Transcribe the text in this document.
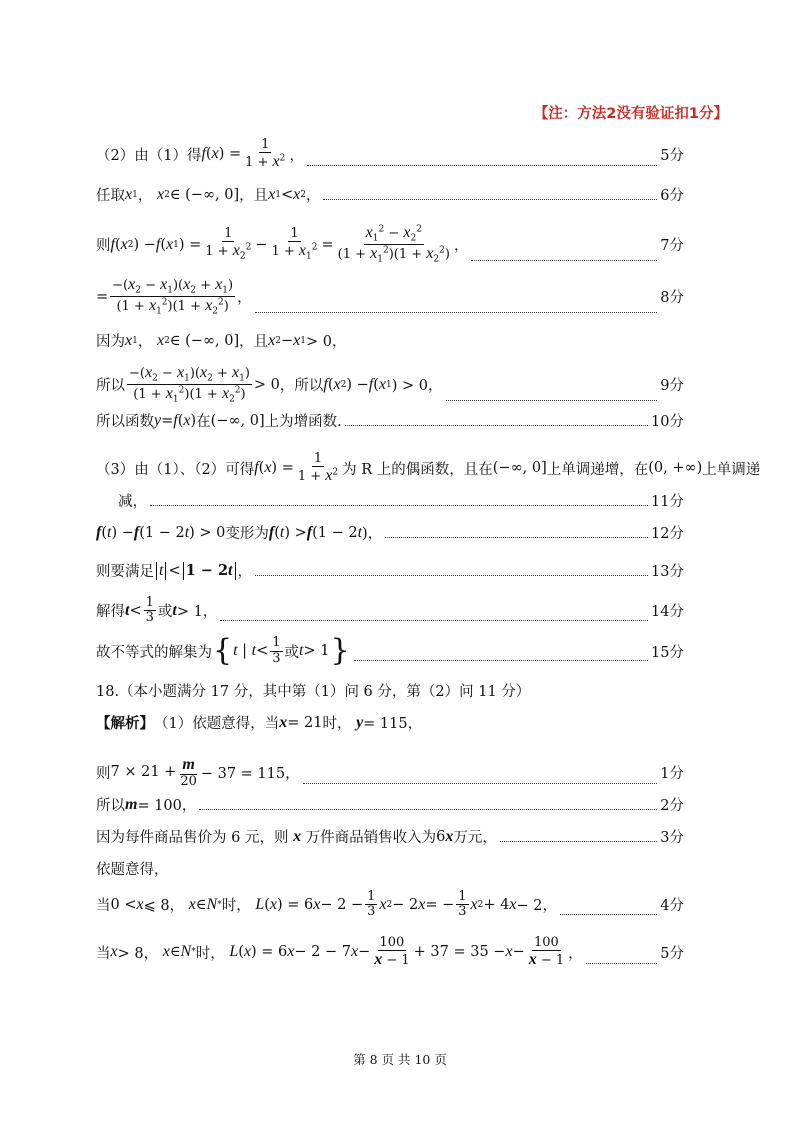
【注：方法2没有验证扣1分】
（2）由（1）得 f ( x ) = $\frac{1}{1 + x^2}$ ，	5分
任取 x 1 ， x 2 ∈ (−∞, 0] ，且 x 1 < x 2 ，	6分
则 f ( x 2 ) − f ( x 1 ) = $\frac{1}{1 + x_2^2} - \frac{1}{1 + x_1^2} = \frac{x_1^2 - x_2^2}{(1 + x_1^2)(1 + x_2^2)}$ ，	7分
= $\frac{-(x_2 - x_1)(x_2 + x_1)}{(1 + x_1^2)(1 + x_2^2)}$ ，	8分
因为 x 1 ， x 2 ∈ (−∞, 0] ，且 x 2 − x 1 > 0，
所以 $\frac{-(x_2 - x_1)(x_2 + x_1)}{(1 + x_1^2)(1 + x_2^2)} > 0$ ，所以 f ( x 2 ) − f ( x 1 ) > 0，	9分
所以函数 y = f ( x ) 在 (−∞, 0] 上为增函数.	10分
（3）由（1）、（2）可得 f ( x ) = $\frac{1}{1 + x^2}$ 为 R 上的偶函数，且在 (−∞, 0] 上单调递增，在 (0, +∞) 上单调递
减，	11分
f ( t ) − f (1 − 2 t ) > 0 变形为 f ( t ) > f (1 − 2 t )，	12分
则要满足 t < 1 − 2t ，	13分
解得 $t < \frac{1}{3}$ 或 t > 1，	14分
故不等式的解集为 { t | $t < \frac{1}{3}$ 或 t > 1 }	15分
18.（本小题满分 17 分，其中第（1）问 6 分，第（2）问 11 分）
【解析】 （1）依题意得，当 x = 21 时，
y = 115，
则 $7 \times 21 + \frac{m}{20} - 37 = 115$，	1分
所以 m = 100，	2分
因为每件商品售价为 6 元，则
x
万件商品销售收入为 6 x 万元，	3分
依题意得，
当 0 < x ⩽ 8， x ∈ N * 时，
L ( x ) = 6 $x - 2 - \frac{1}{3}$ x 2 − 2 x = − $\frac{1}{3}$ x 2 + 4 x − 2，	4分
当 x > 8， x ∈ N * 时，
L ( x ) = 6 x − 2 − 7 $x - \frac{100}{x - 1} + 37 = 35 - x - \frac{100}{x - 1}$ ，	5分
第 8 页 共 10 页
